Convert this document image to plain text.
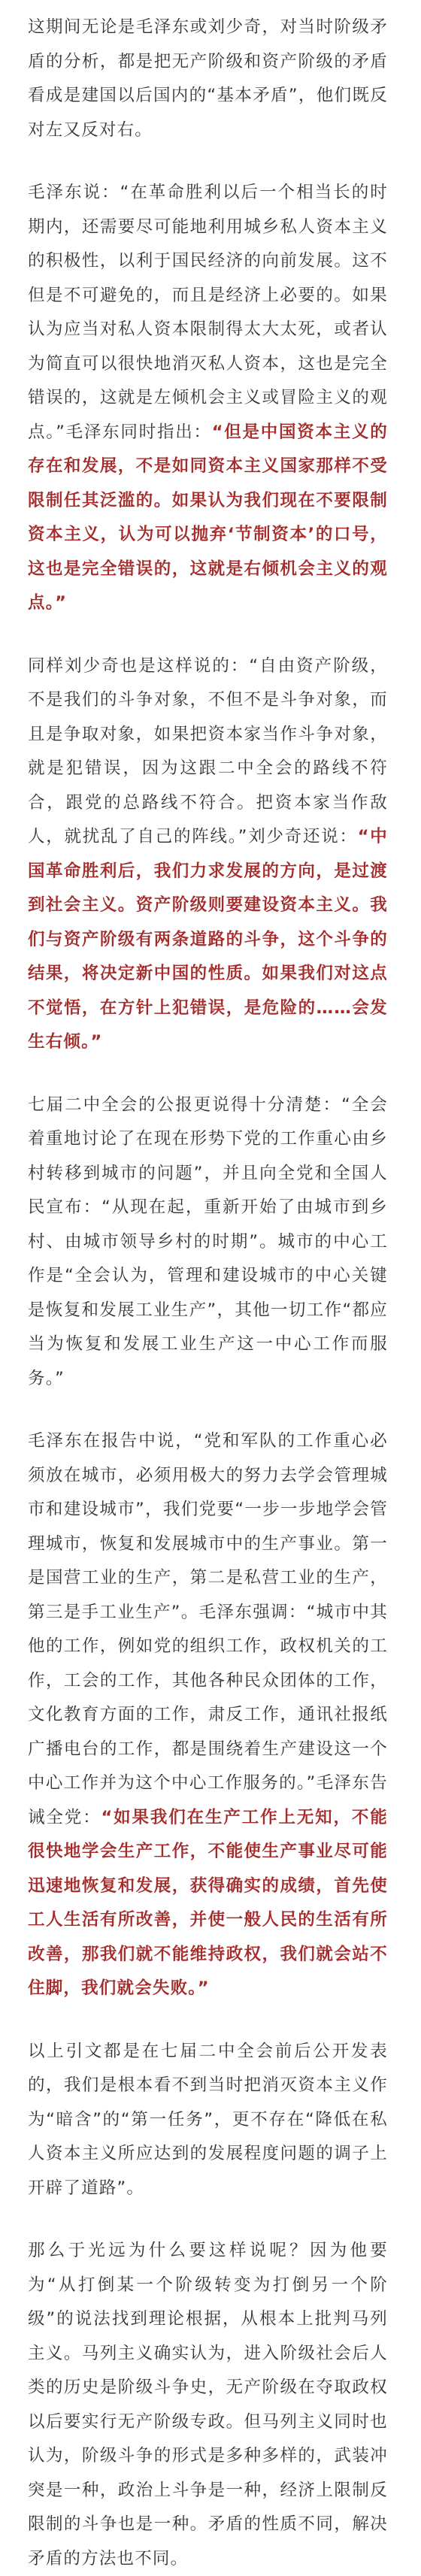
这期间无论是毛泽东或刘少奇，对当时阶级矛盾的分析，都是把无产阶级和资产阶级的矛盾看成是建国以后国内的“基本矛盾”，他们既反对左又反对右。

毛泽东说：“在革命胜利以后一个相当长的时期内，还需要尽可能地利用城乡私人资本主义的积极性，以利于国民经济的向前发展。这不但是不可避免的，而且是经济上必要的。如果认为应当对私人资本限制得太大太死，或者认为简直可以很快地消灭私人资本，这也是完全错误的，这就是左倾机会主义或冒险主义的观点。”毛泽东同时指出：“但是中国资本主义的存在和发展，不是如同资本主义国家那样不受限制任其泛滥的。如果认为我们现在不要限制资本主义，认为可以抛弃‘节制资本’的口号，这也是完全错误的，这就是右倾机会主义的观点。”

同样刘少奇也是这样说的：“自由资产阶级，不是我们的斗争对象，不但不是斗争对象，而且是争取对象，如果把资本家当作斗争对象，就是犯错误，因为这跟二中全会的路线不符合，跟党的总路线不符合。把资本家当作敌人，就扰乱了自己的阵线。”刘少奇还说：“中国革命胜利后，我们力求发展的方向，是过渡到社会主义。资产阶级则要建设资本主义。我们与资产阶级有两条道路的斗争，这个斗争的结果，将决定新中国的性质。如果我们对这点不觉悟，在方针上犯错误，是危险的……会发生右倾。”

七届二中全会的公报更说得十分清楚：“全会着重地讨论了在现在形势下党的工作重心由乡村转移到城市的问题”，并且向全党和全国人民宣布：“从现在起，重新开始了由城市到乡村、由城市领导乡村的时期”。城市的中心工作是“全会认为，管理和建设城市的中心关键是恢复和发展工业生产”，其他一切工作“都应当为恢复和发展工业生产这一中心工作而服务。”

毛泽东在报告中说，“党和军队的工作重心必须放在城市，必须用极大的努力去学会管理城市和建设城市”，我们党要“一步一步地学会管理城市，恢复和发展城市中的生产事业。第一是国营工业的生产，第二是私营工业的生产，第三是手工业生产”。毛泽东强调：“城市中其他的工作，例如党的组织工作，政权机关的工作，工会的工作，其他各种民众团体的工作，文化教育方面的工作，肃反工作，通讯社报纸广播电台的工作，都是围绕着生产建设这一个中心工作并为这个中心工作服务的。”毛泽东告诫全党：“如果我们在生产工作上无知，不能很快地学会生产工作，不能使生产事业尽可能迅速地恢复和发展，获得确实的成绩，首先使工人生活有所改善，并使一般人民的生活有所改善，那我们就不能维持政权，我们就会站不住脚，我们就会失败。”

以上引文都是在七届二中全会前后公开发表的，我们是根本看不到当时把消灭资本主义作为“暗含”的“第一任务”，更不存在“降低在私人资本主义所应达到的发展程度问题的调子上开辟了道路”。

那么于光远为什么要这样说呢？因为他要为“从打倒某一个阶级转变为打倒另一个阶级”的说法找到理论根据，从根本上批判马列主义。马列主义确实认为，进入阶级社会后人类的历史是阶级斗争史，无产阶级在夺取政权以后要实行无产阶级专政。但马列主义同时也认为，阶级斗争的形式是多种多样的，武装冲突是一种，政治上斗争是一种，经济上限制反限制的斗争也是一种。矛盾的性质不同，解决矛盾的方法也不同。
